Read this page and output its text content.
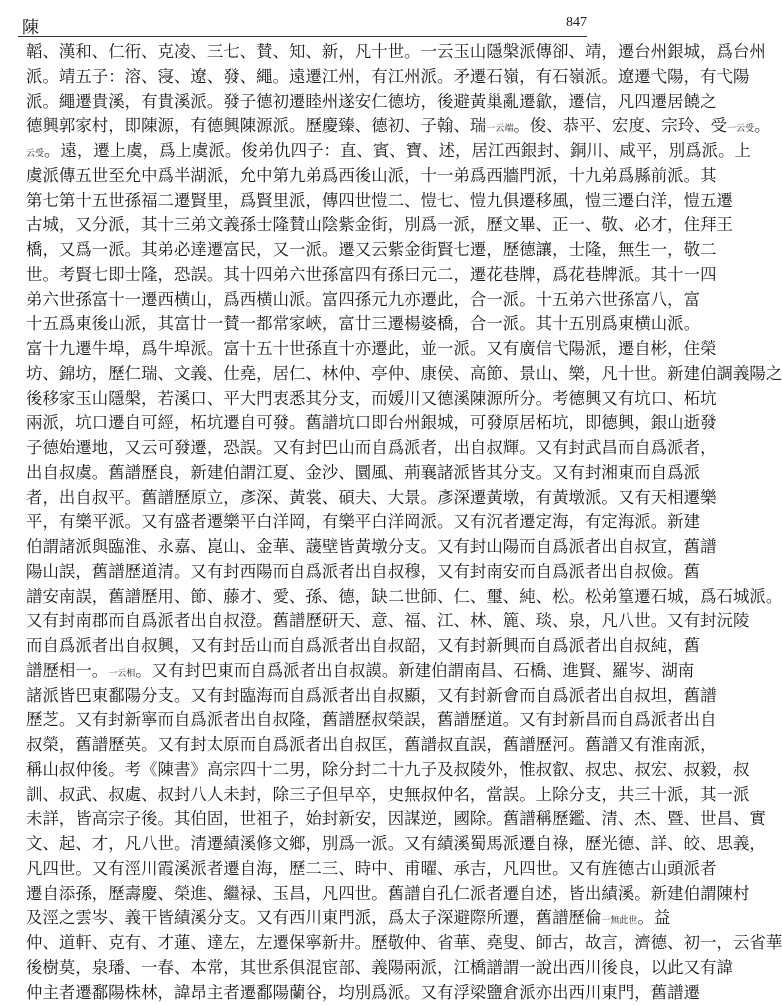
陳	847
韜、漢和、仁衎、克凌、三七、賛、知、新，凡十世。一云玉山隱槃派傳卻、靖，遷台州銀城，爲台州
派。靖五子：溶、寖、遼、發、繩。遠遷江州，有江州派。矛遷石嶺，有石嶺派。遼遷弋陽，有弋陽
派。繩遷貴溪，有貴溪派。發子德初遷睦州遂安仁德坊，後避黃巢亂遷歙，遷信，凡四遷居饒之
德興郭家村，即陳源，有德興陳源派。歷慶臻、德初、子翰、瑞一云端。俊、恭平、宏度、宗玲、受一云受。
云受。遠，遷上虞，爲上虞派。俊弟仇四子：直、賓、寶、述，居江西銀封、銅川、咸平，別爲派。上
虞派傳五世至允中爲半湖派，允中第九弟爲西後山派，十一弟爲西牆門派，十九弟爲縣前派。其
第七第十五世孫福二遷賢里，爲賢里派，傳四世愷二、愷七、愷九俱遷移風，愷三遷白洋，愷五遷
古城，又分派，其十三弟文義孫士隆賛山陰紫金街，別爲一派，歷文畢、正一、敬、必才，住拜王
橋，又爲一派。其弟必達遷富民，又一派。遷又云紫金街賢七遷，歷德讓，士隆，無生一，敬二
世。考賢七即士隆，恐誤。其十四弟六世孫富四有孫曰元二，遷花巷牌，爲花巷牌派。其十一四
弟六世孫富十一遷西横山，爲西横山派。富四孫元九亦遷此，合一派。十五弟六世孫富八，富
十五爲東後山派，其富廿一賛一都常家峽，富廿三遷楊婆橋，合一派。其十五別爲東横山派。
富十九遷牛埠，爲牛埠派。富十五十世孫直十亦遷此，並一派。又有廣信弋陽派，遷自彬，住榮
坊、錦坊，歷仁瑞、文義、仕堯，居仁、林仲、亭仲、康侯、高節、景山、樂，凡十世。新建伯調義陽之
後移家玉山隱槃，若溪口、平大門衷悉其分支，而媛川又德溪陳源所分。考德興又有坑口、柘坑
兩派，坑口遷自可經，柘坑遷自可發。舊譜坑口即台州銀城，可發原居柘坑，即德興，銀山逝發
子德始遷地，又云可發遷，恐誤。又有封巴山而自爲派者，出自叔輝。又有封武昌而自爲派者，
出自叔虞。舊譜歷良，新建伯謂江夏、金沙、圜風、荊襄諸派皆其分支。又有封湘東而自爲派
者，出自叔平。舊譜歷原立，彥深、黃裳、碩夫、大景。彥深遷黃墩，有黃墩派。又有天相遷樂
平，有樂平派。又有盛者遷樂平白洋岡，有樂平白洋岡派。又有沉者遷定海，有定海派。新建
伯謂諸派與臨淮、永嘉、崑山、金華、蘐壁皆黃墩分支。又有封山陽而自爲派者出自叔宣，舊譜
陽山誤，舊譜歷道清。又有封西陽而自爲派者出自叔穆，又有封南安而自爲派者出自叔儉。舊
譜安南誤，舊譜歷用、節、藤才、愛、孫、德，缺二世師、仁、璽、純、松。松弟篁遷石城，爲石城派。
又有封南郡而自爲派者出自叔澄。舊譜歷研天、意、福、江、林、簏、琰、泉，凡八世。又有封沅陵
而自爲派者出自叔興，又有封岳山而自爲派者出自叔韶，又有封新興而自爲派者出自叔純，舊
譜歷相一。一云相。又有封巴東而自爲派者出自叔謨。新建伯謂南昌、石橋、進賢、羅岑、湖南
諸派皆巴東鄱陽分支。又有封臨海而自爲派者出自叔顯，又有封新會而自爲派者出自叔坦，舊譜
歷芝。又有封新寧而自爲派者出自叔隆，舊譜歷叔榮誤，舊譜歷道。又有封新昌而自爲派者出自
叔榮，舊譜歷英。又有封太原而自爲派者出自叔匡，舊譜叔直誤，舊譜歷河。舊譜又有淮南派，
稱山叔仲後。考《陳書》高宗四十二男，除分封二十九子及叔陵外，惟叔叡、叔忠、叔宏、叔毅，叔
訓、叔武、叔處、叔封八人未封，除三子但早卒，史無叔仲名，當誤。上除分支，共三十派，其一派
未詳，皆高宗子後。其伯固，世祖子，始封新安，因謀逆，國除。舊譜稱歷鑑、清、杰、暨、世昌、實
文、起、才，凡八世。清遷績溪修文鄉，別爲一派。又有績溪蜀馬派遷自祿，歷光德、詳、皎、思義，
凡四世。又有涇川霞溪派者遷自海，歷二三、時中、甫曜、承吉，凡四世。又有旌德古山頭派者
遷自添孫，歷壽慶、榮進、繼禄、玉昌，凡四世。舊譜自孔仁派者遷自述，皆出績溪。新建伯謂陳村
及涇之雲岑、義干皆績溪分支。又有西川東門派，爲太子深避際所遷，舊譜歷倫一無此世。益
仲、道軒、克有、才蓮、達左，左遷保寧新井。歷敬仲、省華、堯叟、師古，故言，濟德、初一，云省華
後樹莫，泉璠、一春、本常，其世系俱混宦部、義陽兩派，江橋譜謂一說出西川後良，以此又有諱
仲主者遷鄱陽株林，諱昂主者遷鄱陽蘭谷，均別爲派。又有浮梁鹽倉派亦出西川東門，舊譜遷
